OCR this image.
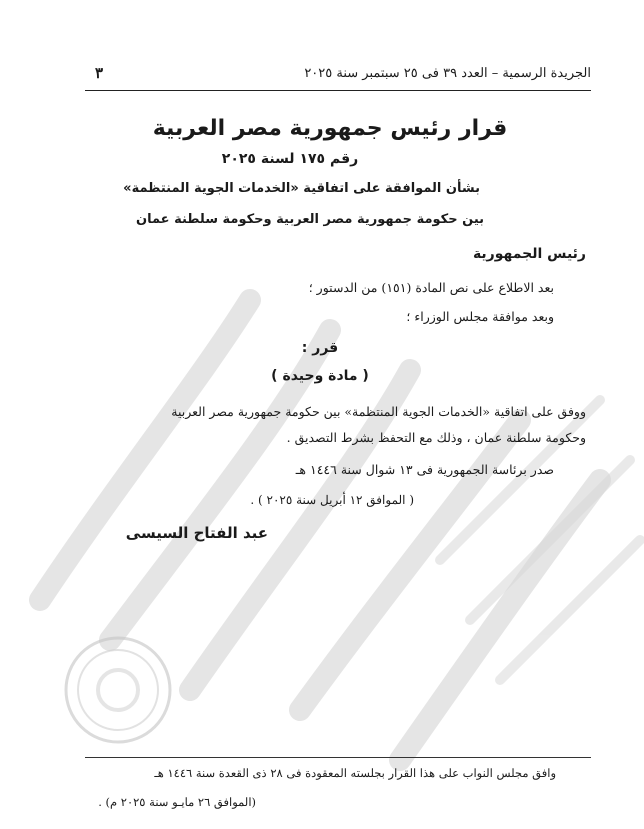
الجريدة الرسمية – العدد ٣٩ فى ٢٥ سبتمبر سنة ٢٠٢٥
٣
قرار رئيس جمهورية مصر العربية
رقم ١٧٥ لسنة ٢٠٢٥
بشأن الموافقة على اتفاقية «الخدمات الجوية المنتظمة»
بين حكومة جمهورية مصر العربية وحكومة سلطنة عمان
رئيس الجمهورية
بعد الاطلاع على نص المادة (١٥١) من الدستور ؛
وبعد موافقة مجلس الوزراء ؛
قرر :
( مادة وحيدة )
ووفق على اتفاقية «الخدمات الجوية المنتظمة» بين حكومة جمهورية مصر العربية
وحكومة سلطنة عمان ، وذلك مع التحفظ بشرط التصديق .
صدر برئاسة الجمهورية فى ١٣ شوال سنة ١٤٤٦ هـ
( الموافق ١٢ أبريل سنة ٢٠٢٥ ) .
عبد الفتاح السيسى
وافق مجلس النواب على هذا القرار بجلسته المعقودة فى ٢٨ ذى القعدة سنة ١٤٤٦ هـ
(الموافق ٢٦ مايـو سنة ٢٠٢٥ م) .
